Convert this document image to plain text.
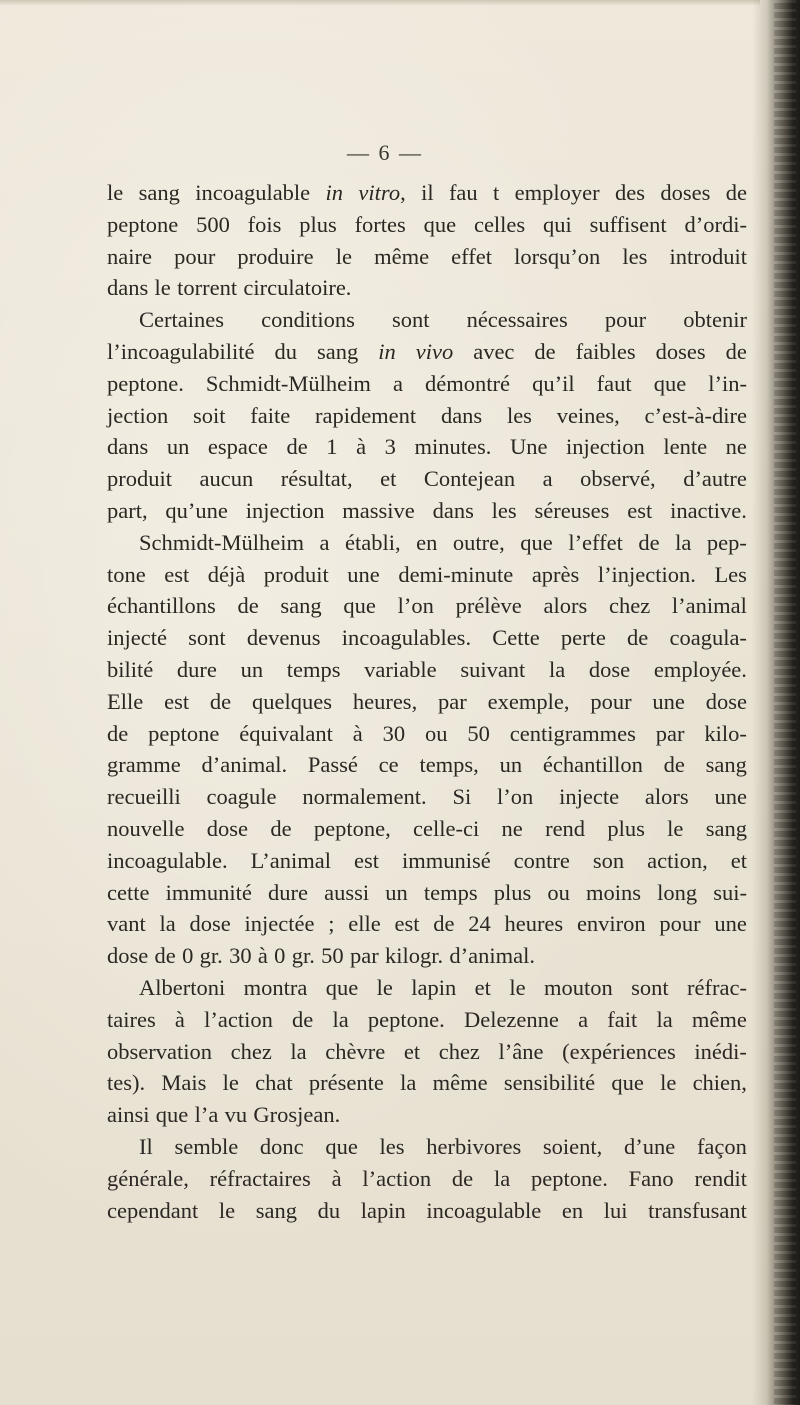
— 6 —
le sang incoagulable in vitro, il fau t employer des doses de
peptone 500 fois plus fortes que celles qui suffisent d’ordi-
naire pour produire le même effet lorsqu’on les introduit
dans le torrent circulatoire.
Certaines conditions sont nécessaires pour obtenir
l’incoagulabilité du sang in vivo avec de faibles doses de
peptone. Schmidt-Mülheim a démontré qu’il faut que l’in-
jection soit faite rapidement dans les veines, c’est-à-dire
dans un espace de 1 à 3 minutes. Une injection lente ne
produit aucun résultat, et Contejean a observé, d’autre
part, qu’une injection massive dans les séreuses est inactive.
Schmidt-Mülheim a établi, en outre, que l’effet de la pep-
tone est déjà produit une demi-minute après l’injection. Les
échantillons de sang que l’on prélève alors chez l’animal
injecté sont devenus incoagulables. Cette perte de coagula-
bilité dure un temps variable suivant la dose employée.
Elle est de quelques heures, par exemple, pour une dose
de peptone équivalant à 30 ou 50 centigrammes par kilo-
gramme d’animal. Passé ce temps, un échantillon de sang
recueilli coagule normalement. Si l’on injecte alors une
nouvelle dose de peptone, celle-ci ne rend plus le sang
incoagulable. L’animal est immunisé contre son action, et
cette immunité dure aussi un temps plus ou moins long sui-
vant la dose injectée ; elle est de 24 heures environ pour une
dose de 0 gr. 30 à 0 gr. 50 par kilogr. d’animal.
Albertoni montra que le lapin et le mouton sont réfrac-
taires à l’action de la peptone. Delezenne a fait la même
observation chez la chèvre et chez l’âne (expériences inédi-
tes). Mais le chat présente la même sensibilité que le chien,
ainsi que l’a vu Grosjean.
Il semble donc que les herbivores soient, d’une façon
générale, réfractaires à l’action de la peptone. Fano rendit
cependant le sang du lapin incoagulable en lui transfusant
